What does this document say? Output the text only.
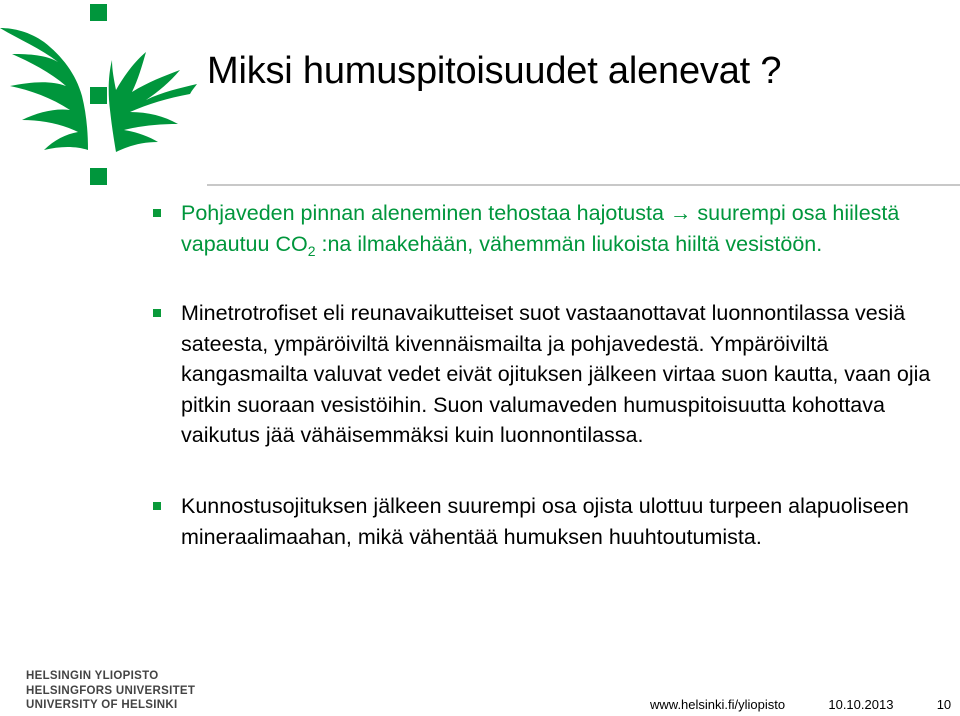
Miksi humuspitoisuudet alenevat ?
Pohjaveden pinnan aleneminen tehostaa hajotusta → suurempi osa hiilestä vapautuu $CO_2$ :na ilmakehään, vähemmän liukoista hiiltä vesistöön.
Minetrotrofiset eli reunavaikutteiset suot vastaanottavat luonnontilassa vesiä sateesta, ympäröiviltä kivennäismailta ja pohjavedestä. Ympäröiviltä kangasmailta valuvat vedet eivät ojituksen jälkeen virtaa suon kautta, vaan ojia pitkin suoraan vesistöihin. Suon valumaveden humuspitoisuutta kohottava vaikutus jää vähäisemmäksi kuin luonnontilassa.
Kunnostusojituksen jälkeen suurempi osa ojista ulottuu turpeen alapuoliseen mineraalimaahan, mikä vähentää humuksen huuhtoutumista.
HELSINGIN YLIOPISTO
HELSINGFORS UNIVERSITET
UNIVERSITY OF HELSINKI	www.helsinki.fi/yliopisto	10.10.2013	10
